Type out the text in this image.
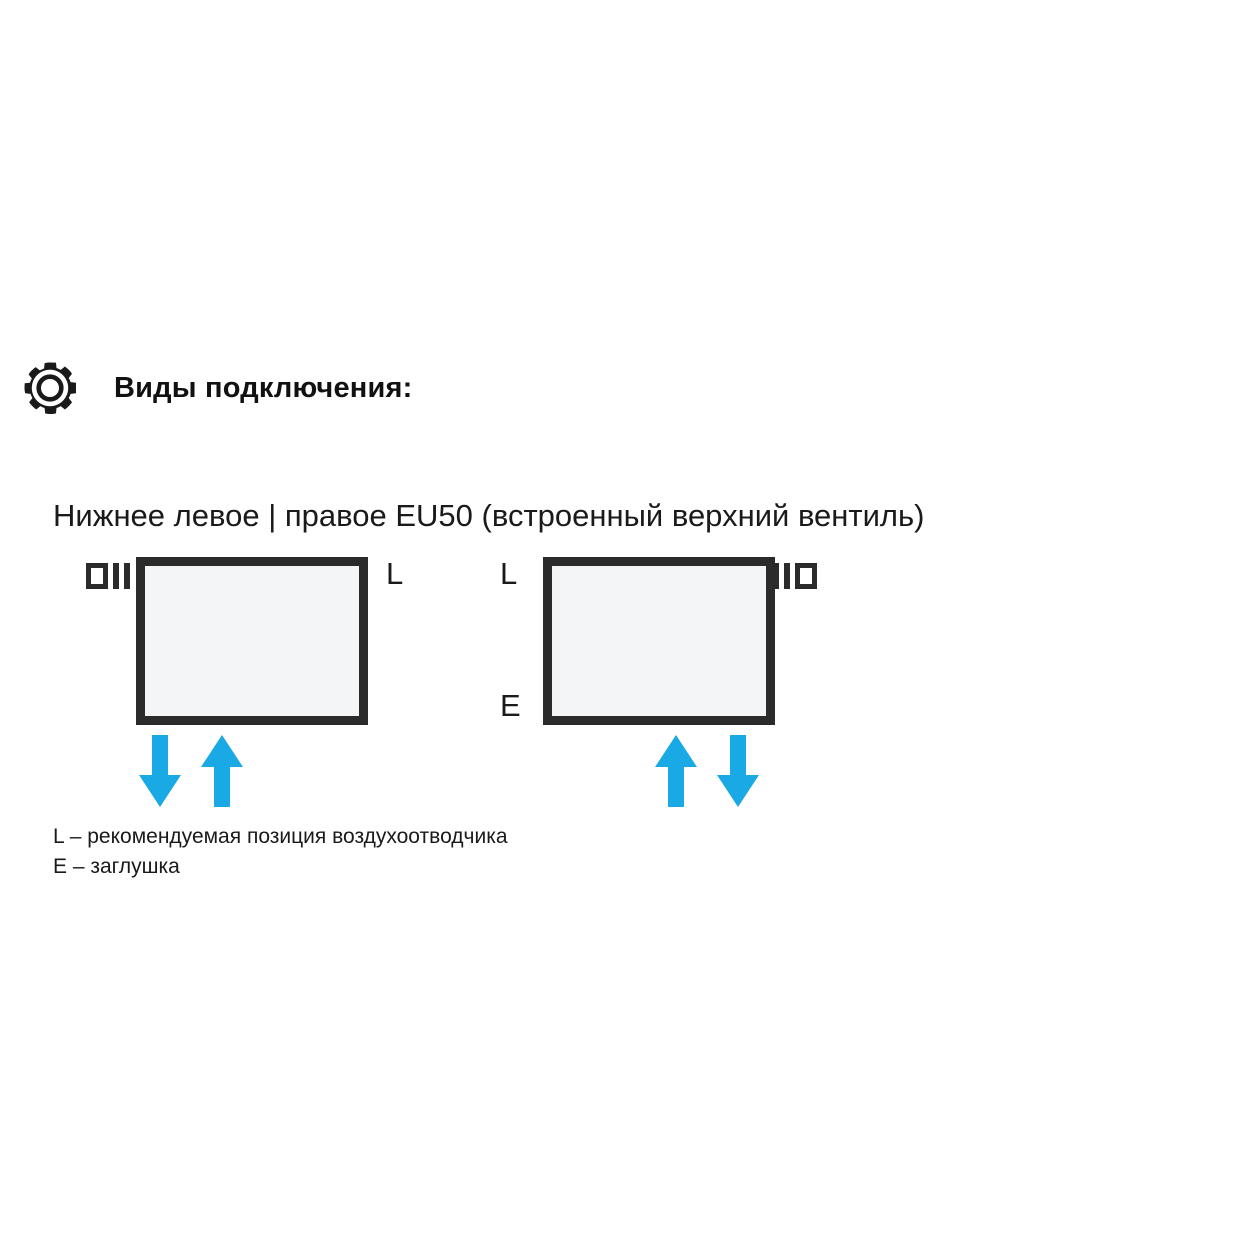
Виды подключения:
Нижнее левое | правое EU50 (встроенный верхний вентиль)
L	L
E
L – рекомендуемая позиция воздухоотводчика
E – заглушка
